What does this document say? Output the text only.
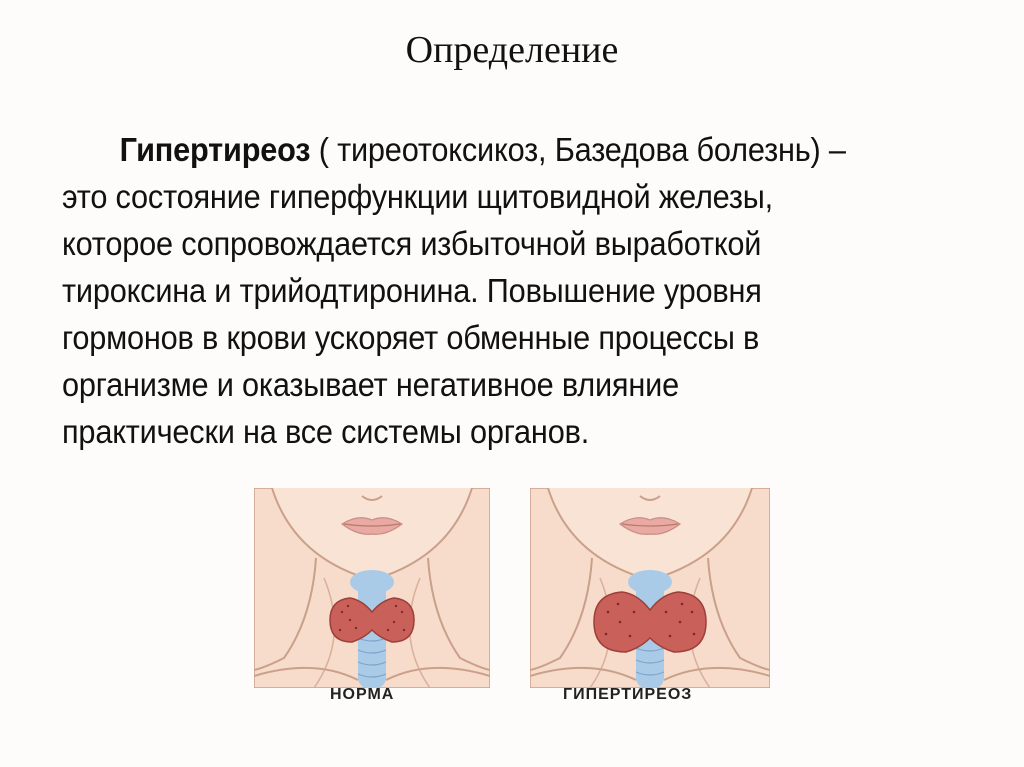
Определение
Гипертиреоз ( тиреотоксикоз, Базедова болезнь) –
это состояние гиперфункции щитовидной железы,
которое сопровождается избыточной выработкой
тироксина и трийодтиронина. Повышение уровня
гормонов в крови ускоряет обменные процессы в
организме и оказывает негативное влияние
практически на все системы органов.
НОРМА	ГИПЕРТИРЕОЗ
